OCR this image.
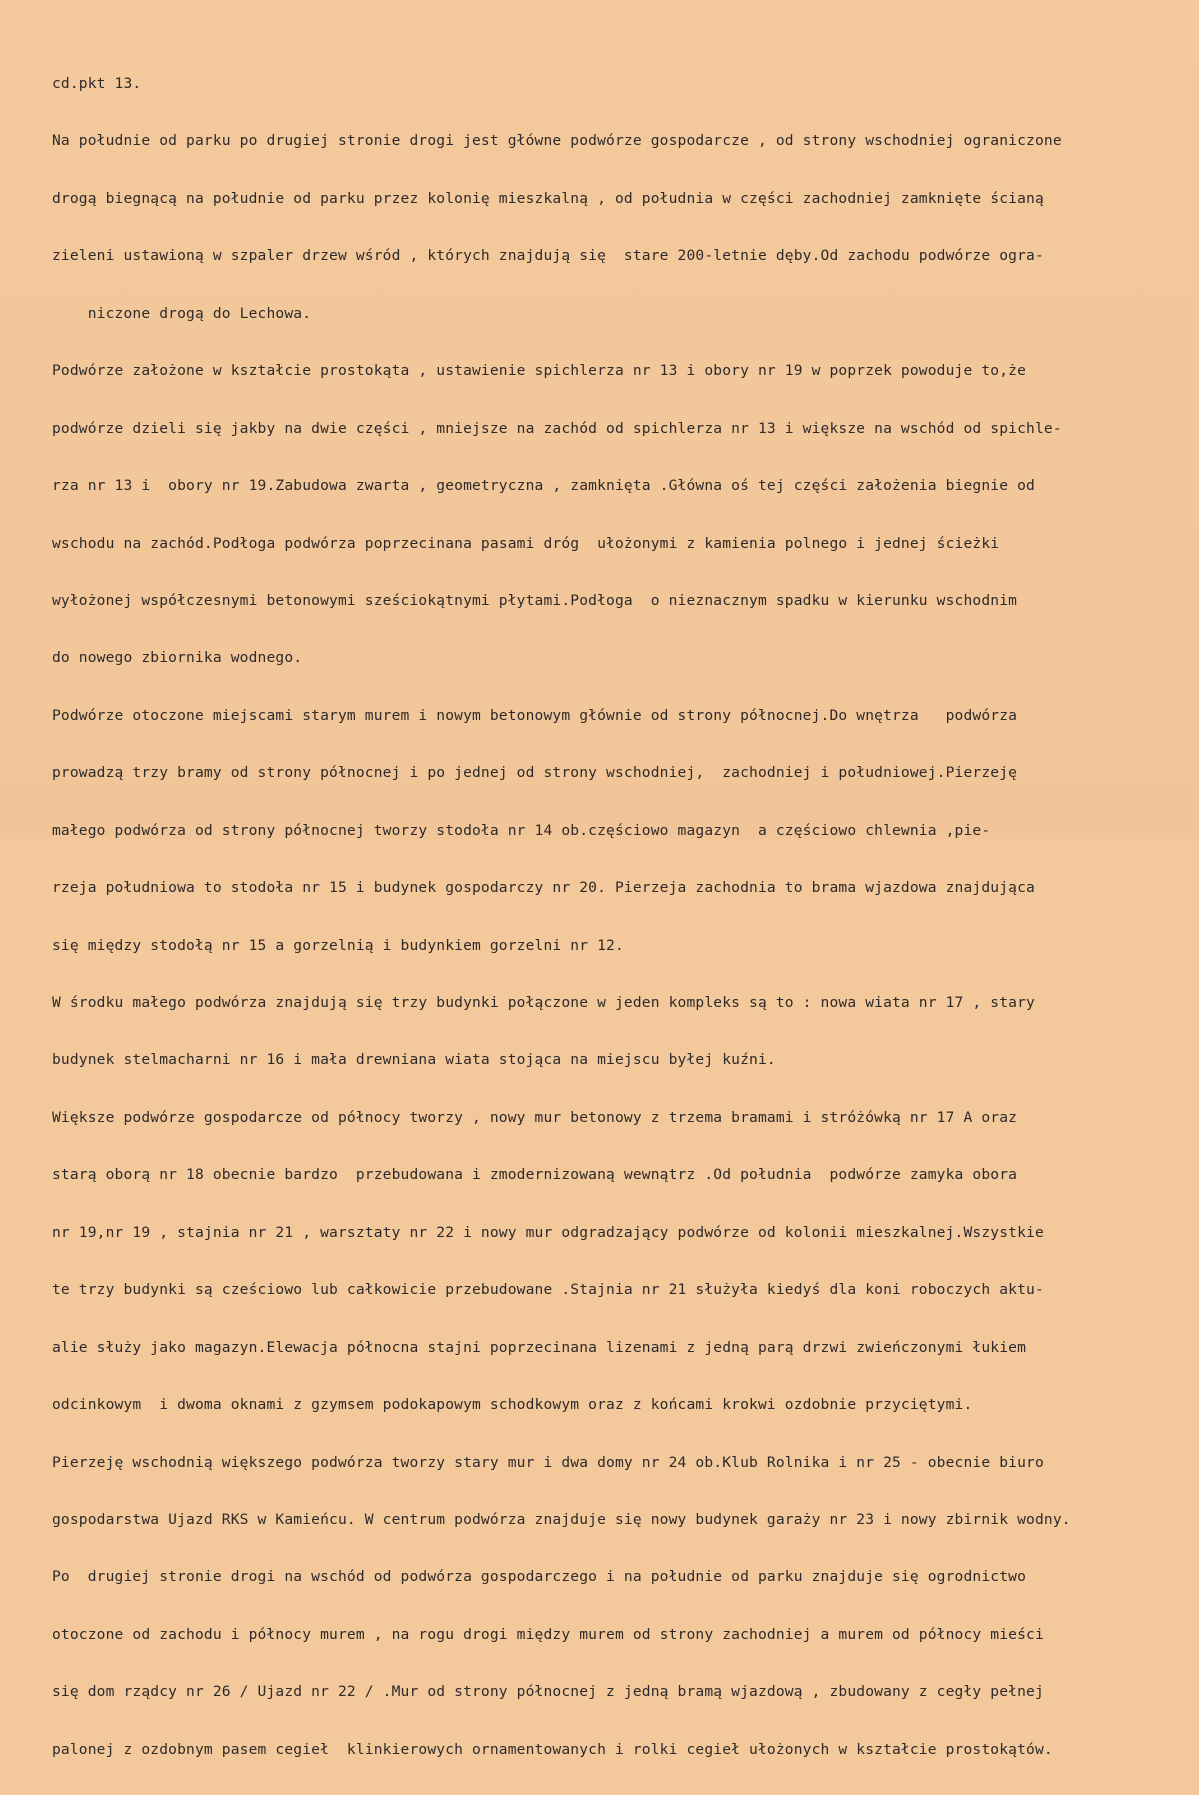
cd.pkt 13.

Na południe od parku po drugiej stronie drogi jest główne podwórze gospodarcze , od strony wschodniej ograniczone

drogą biegnącą na południe od parku przez kolonię mieszkalną , od południa w części zachodniej zamknięte ścianą

zieleni ustawioną w szpaler drzew wśród , których znajdują się  stare 200-letnie dęby.Od zachodu podwórze ogra-

niczone drogą do Lechowa.

Podwórze założone w kształcie prostokąta , ustawienie spichlerza nr 13 i obory nr 19 w poprzek powoduje to,że

podwórze dzieli się jakby na dwie części , mniejsze na zachód od spichlerza nr 13 i większe na wschód od spichle-

rza nr 13 i  obory nr 19.Zabudowa zwarta , geometryczna , zamknięta .Główna oś tej części założenia biegnie od

wschodu na zachód.Podłoga podwórza poprzecinana pasami dróg  ułożonymi z kamienia polnego i jednej ścieżki

wyłożonej współczesnymi betonowymi sześciokątnymi płytami.Podłoga  o nieznacznym spadku w kierunku wschodnim

do nowego zbiornika wodnego.

Podwórze otoczone miejscami starym murem i nowym betonowym głównie od strony północnej.Do wnętrza   podwórza

prowadzą trzy bramy od strony północnej i po jednej od strony wschodniej,  zachodniej i południowej.Pierzeję

małego podwórza od strony północnej tworzy stodoła nr 14 ob.częściowo magazyn  a częściowo chlewnia ,pie-

rzeja południowa to stodoła nr 15 i budynek gospodarczy nr 20. Pierzeja zachodnia to brama wjazdowa znajdująca

się między stodołą nr 15 a gorzelnią i budynkiem gorzelni nr 12.

W środku małego podwórza znajdują się trzy budynki połączone w jeden kompleks są to : nowa wiata nr 17 , stary

budynek stelmacharni nr 16 i mała drewniana wiata stojąca na miejscu byłej kuźni.

Większe podwórze gospodarcze od północy tworzy , nowy mur betonowy z trzema bramami i stróżówką nr 17 A oraz

starą oborą nr 18 obecnie bardzo  przebudowana i zmodernizowaną wewnątrz .Od południa  podwórze zamyka obora

nr 19,nr 19 , stajnia nr 21 , warsztaty nr 22 i nowy mur odgradzający podwórze od kolonii mieszkalnej.Wszystkie

te trzy budynki są cześciowo lub całkowicie przebudowane .Stajnia nr 21 służyła kiedyś dla koni roboczych aktu-

alie służy jako magazyn.Elewacja północna stajni poprzecinana lizenami z jedną parą drzwi zwieńczonymi łukiem

odcinkowym  i dwoma oknami z gzymsem podokapowym schodkowym oraz z końcami krokwi ozdobnie przyciętymi.

Pierzeję wschodnią większego podwórza tworzy stary mur i dwa domy nr 24 ob.Klub Rolnika i nr 25 - obecnie biuro

gospodarstwa Ujazd RKS w Kamieńcu. W centrum podwórza znajduje się nowy budynek garaży nr 23 i nowy zbirnik wodny.

Po  drugiej stronie drogi na wschód od podwórza gospodarczego i na południe od parku znajduje się ogrodnictwo

otoczone od zachodu i północy murem , na rogu drogi między murem od strony zachodniej a murem od północy mieści

się dom rządcy nr 26 / Ujazd nr 22 / .Mur od strony północnej z jedną bramą wjazdową , zbudowany z cegły pełnej

palonej z ozdobnym pasem cegieł  klinkierowych ornamentowanych i rolki cegieł ułożonych w kształcie prostokątów.
